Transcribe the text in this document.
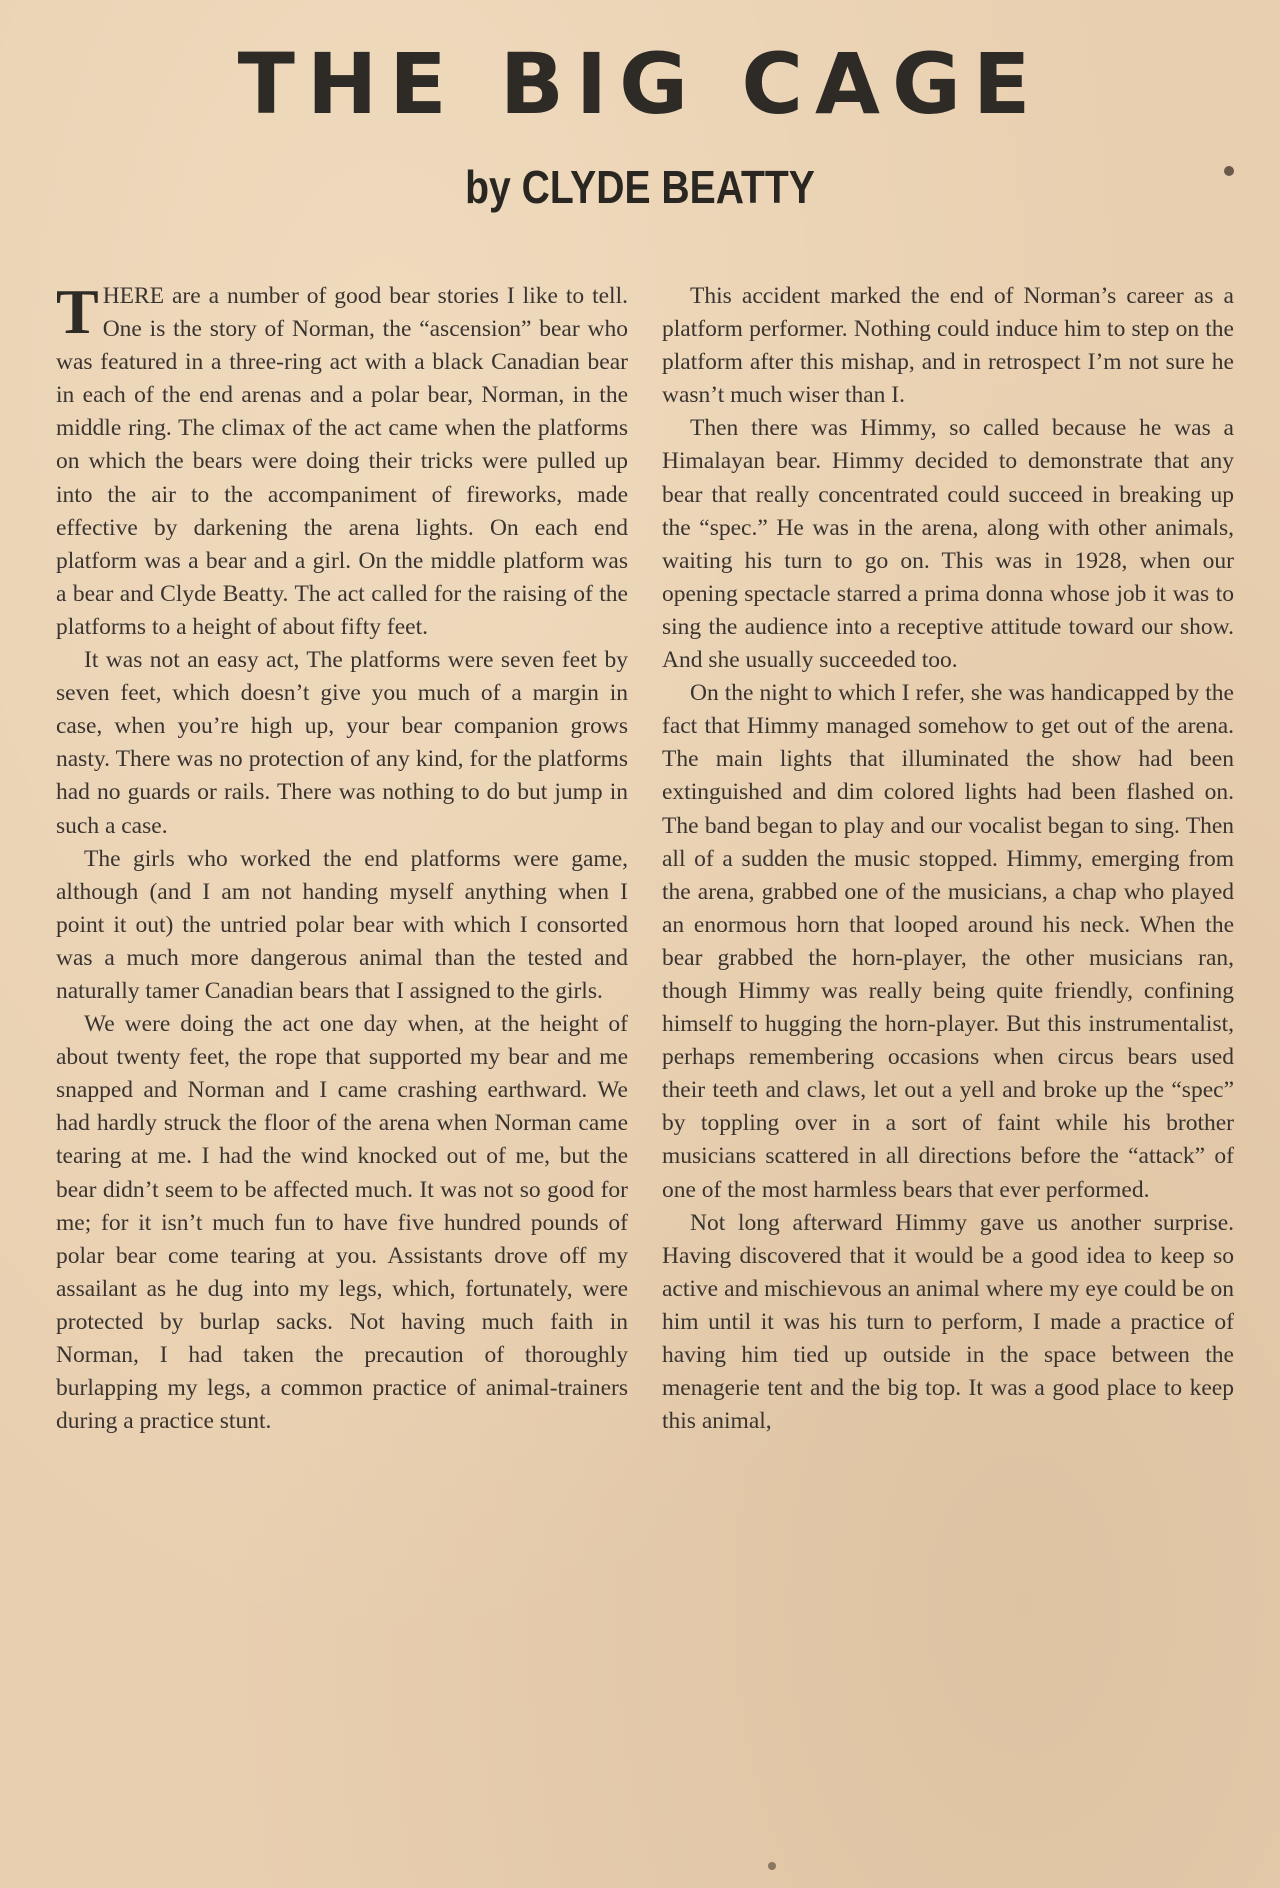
THE BIG CAGE
by CLYDE BEATTY

THERE are a number of good bear stories I like to tell. One is the story of Norman, the “ascension” bear who was featured in a three-ring act with a black Canadian bear in each of the end arenas and a polar bear, Norman, in the middle ring. The climax of the act came when the platforms on which the bears were doing their tricks were pulled up into the air to the accompaniment of fireworks, made effective by darkening the arena lights. On each end platform was a bear and a girl. On the middle platform was a bear and Clyde Beatty. The act called for the raising of the platforms to a height of about fifty feet.

It was not an easy act, The platforms were seven feet by seven feet, which doesn’t give you much of a margin in case, when you’re high up, your bear companion grows nasty. There was no protection of any kind, for the platforms had no guards or rails. There was nothing to do but jump in such a case.

The girls who worked the end platforms were game, although (and I am not handing myself anything when I point it out) the untried polar bear with which I consorted was a much more dangerous animal than the tested and naturally tamer Canadian bears that I assigned to the girls.

We were doing the act one day when, at the height of about twenty feet, the rope that supported my bear and me snapped and Norman and I came crashing earthward. We had hardly struck the floor of the arena when Norman came tearing at me. I had the wind knocked out of me, but the bear didn’t seem to be affected much. It was not so good for me; for it isn’t much fun to have five hundred pounds of polar bear come tearing at you. Assistants drove off my assailant as he dug into my legs, which, fortunately, were protected by burlap sacks. Not having much faith in Norman, I had taken the precaution of thoroughly burlapping my legs, a common practice of animal-trainers during a practice stunt.

This accident marked the end of Norman’s career as a platform performer. Nothing could induce him to step on the platform after this mishap, and in retrospect I’m not sure he wasn’t much wiser than I.

Then there was Himmy, so called because he was a Himalayan bear. Himmy decided to demonstrate that any bear that really concentrated could succeed in breaking up the “spec.” He was in the arena, along with other animals, waiting his turn to go on. This was in 1928, when our opening spectacle starred a prima donna whose job it was to sing the audience into a receptive attitude toward our show. And she usually succeeded too.

On the night to which I refer, she was handicapped by the fact that Himmy managed somehow to get out of the arena. The main lights that illuminated the show had been extinguished and dim colored lights had been flashed on. The band began to play and our vocalist began to sing. Then all of a sudden the music stopped. Himmy, emerging from the arena, grabbed one of the musicians, a chap who played an enormous horn that looped around his neck. When the bear grabbed the horn-player, the other musicians ran, though Himmy was really being quite friendly, confining himself to hugging the horn-player. But this instrumentalist, perhaps remembering occasions when circus bears used their teeth and claws, let out a yell and broke up the “spec” by toppling over in a sort of faint while his brother musicians scattered in all directions before the “attack” of one of the most harmless bears that ever performed.

Not long afterward Himmy gave us another surprise. Having discovered that it would be a good idea to keep so active and mischievous an animal where my eye could be on him until it was his turn to perform, I made a practice of having him tied up outside in the space between the menagerie tent and the big top. It was a good place to keep this animal,
